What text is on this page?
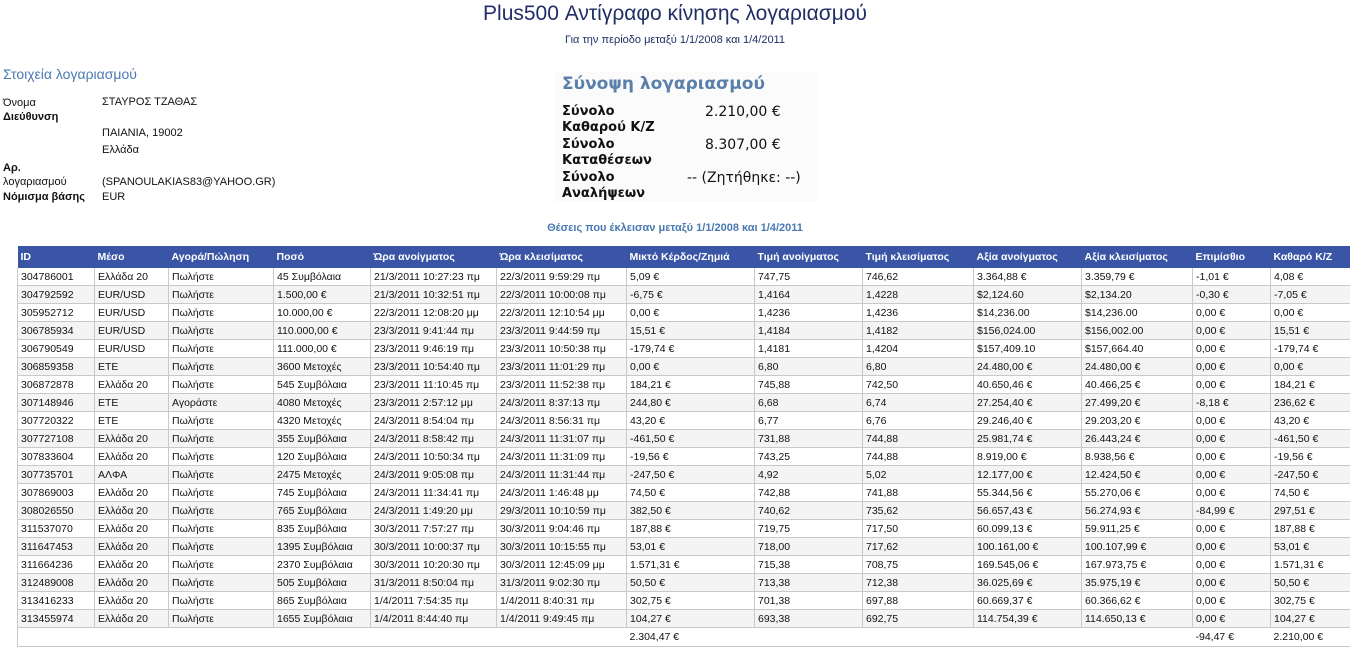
Plus500 Αντίγραφο κίνησης λογαριασμού
Για την περίοδο μεταξύ 1/1/2008 και 1/4/2011
Στοιχεία λογαριασμού
Όνομα	ΣΤΑΥΡΟΣ ΤΖΑΘΑΣ
Διεύθυνση
ΠΑΙΑΝΙΑ, 19002
Ελλάδα
Αρ.
λογαριασμού	(SPANOULAKIAS83@YAHOO.GR)
Νόμισμα βάσης	EUR
Σύνοψη λογαριασμού
Σύνολο
Καθαρού Κ/Ζ
2.210,00 €
Σύνολο
Καταθέσεων
8.307,00 €
Σύνολο
Αναλήψεων
-- (Ζητήθηκε: --)
Θέσεις που έκλεισαν μεταξύ 1/1/2008 και 1/4/2011
ID	Μέσο	Αγορά/Πώληση	Ποσό	Ώρα ανοίγματος	Ώρα κλεισίματος	Μικτό Κέρδος/Ζημιά	Τιμή ανοίγματος	Τιμή κλεισίματος	Αξία ανοίγματος	Αξία κλεισίματος	Επιμίσθιο	Καθαρό Κ/Ζ
304786001	Ελλάδα 20	Πωλήστε	45 Συμβόλαια	21/3/2011 10:27:23 πμ	22/3/2011 9:59:29 πμ	5,09 €	747,75	746,62	3.364,88 €	3.359,79 €	-1,01 €	4,08 €
304792592	EUR/USD	Πωλήστε	1.500,00 €	21/3/2011 10:32:51 πμ	22/3/2011 10:00:08 πμ	-6,75 €	1,4164	1,4228	$2,124.60	$2,134.20	-0,30 €	-7,05 €
305952712	EUR/USD	Πωλήστε	10.000,00 €	22/3/2011 12:08:20 μμ	22/3/2011 12:10:54 μμ	0,00 €	1,4236	1,4236	$14,236.00	$14,236.00	0,00 €	0,00 €
306785934	EUR/USD	Πωλήστε	110.000,00 €	23/3/2011 9:41:44 πμ	23/3/2011 9:44:59 πμ	15,51 €	1,4184	1,4182	$156,024.00	$156,002.00	0,00 €	15,51 €
306790549	EUR/USD	Πωλήστε	111.000,00 €	23/3/2011 9:46:19 πμ	23/3/2011 10:50:38 πμ	-179,74 €	1,4181	1,4204	$157,409.10	$157,664.40	0,00 €	-179,74 €
306859358	ΕΤΕ	Πωλήστε	3600 Μετοχές	23/3/2011 10:54:40 πμ	23/3/2011 11:01:29 πμ	0,00 €	6,80	6,80	24.480,00 €	24.480,00 €	0,00 €	0,00 €
306872878	Ελλάδα 20	Πωλήστε	545 Συμβόλαια	23/3/2011 11:10:45 πμ	23/3/2011 11:52:38 πμ	184,21 €	745,88	742,50	40.650,46 €	40.466,25 €	0,00 €	184,21 €
307148946	ΕΤΕ	Αγοράστε	4080 Μετοχές	23/3/2011 2:57:12 μμ	24/3/2011 8:37:13 πμ	244,80 €	6,68	6,74	27.254,40 €	27.499,20 €	-8,18 €	236,62 €
307720322	ΕΤΕ	Πωλήστε	4320 Μετοχές	24/3/2011 8:54:04 πμ	24/3/2011 8:56:31 πμ	43,20 €	6,77	6,76	29.246,40 €	29.203,20 €	0,00 €	43,20 €
307727108	Ελλάδα 20	Πωλήστε	355 Συμβόλαια	24/3/2011 8:58:42 πμ	24/3/2011 11:31:07 πμ	-461,50 €	731,88	744,88	25.981,74 €	26.443,24 €	0,00 €	-461,50 €
307833604	Ελλάδα 20	Πωλήστε	120 Συμβόλαια	24/3/2011 10:50:34 πμ	24/3/2011 11:31:09 πμ	-19,56 €	743,25	744,88	8.919,00 €	8.938,56 €	0,00 €	-19,56 €
307735701	ΑΛΦΑ	Πωλήστε	2475 Μετοχές	24/3/2011 9:05:08 πμ	24/3/2011 11:31:44 πμ	-247,50 €	4,92	5,02	12.177,00 €	12.424,50 €	0,00 €	-247,50 €
307869003	Ελλάδα 20	Πωλήστε	745 Συμβόλαια	24/3/2011 11:34:41 πμ	24/3/2011 1:46:48 μμ	74,50 €	742,88	741,88	55.344,56 €	55.270,06 €	0,00 €	74,50 €
308026550	Ελλάδα 20	Πωλήστε	765 Συμβόλαια	24/3/2011 1:49:20 μμ	29/3/2011 10:10:59 πμ	382,50 €	740,62	735,62	56.657,43 €	56.274,93 €	-84,99 €	297,51 €
311537070	Ελλάδα 20	Πωλήστε	835 Συμβόλαια	30/3/2011 7:57:27 πμ	30/3/2011 9:04:46 πμ	187,88 €	719,75	717,50	60.099,13 €	59.911,25 €	0,00 €	187,88 €
311647453	Ελλάδα 20	Πωλήστε	1395 Συμβόλαια	30/3/2011 10:00:37 πμ	30/3/2011 10:15:55 πμ	53,01 €	718,00	717,62	100.161,00 €	100.107,99 €	0,00 €	53,01 €
311664236	Ελλάδα 20	Πωλήστε	2370 Συμβόλαια	30/3/2011 10:20:30 πμ	30/3/2011 12:45:09 μμ	1.571,31 €	715,38	708,75	169.545,06 €	167.973,75 €	0,00 €	1.571,31 €
312489008	Ελλάδα 20	Πωλήστε	505 Συμβόλαια	31/3/2011 8:50:04 πμ	31/3/2011 9:02:30 πμ	50,50 €	713,38	712,38	36.025,69 €	35.975,19 €	0,00 €	50,50 €
313416233	Ελλάδα 20	Πωλήστε	865 Συμβόλαια	1/4/2011 7:54:35 πμ	1/4/2011 8:40:31 πμ	302,75 €	701,38	697,88	60.669,37 €	60.366,62 €	0,00 €	302,75 €
313455974	Ελλάδα 20	Πωλήστε	1655 Συμβόλαια	1/4/2011 8:44:40 πμ	1/4/2011 9:49:45 πμ	104,27 €	693,38	692,75	114.754,39 €	114.650,13 €	0,00 €	104,27 €
						2.304,47 €					-94,47 €	2.210,00 €
